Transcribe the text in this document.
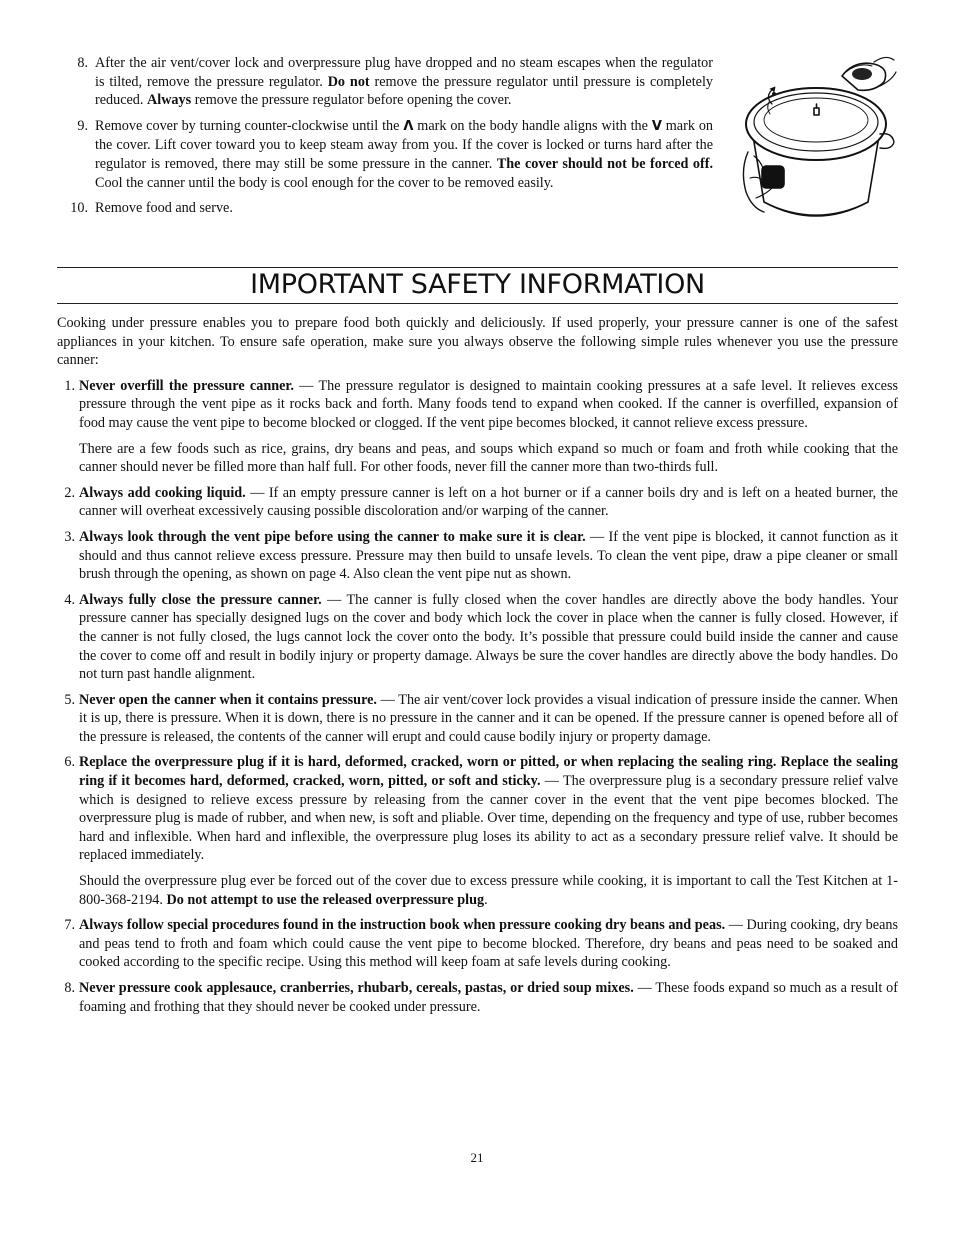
8. After the air vent/cover lock and overpressure plug have dropped and no steam escapes when the regulator is tilted, remove the pressure regulator. Do not remove the pressure regulator until pressure is completely reduced. Always remove the pressure regulator before opening the cover.
9. Remove cover by turning counter-clockwise until the Λ mark on the body handle aligns with the V mark on the cover. Lift cover toward you to keep steam away from you. If the cover is locked or turns hard after the regulator is removed, there may still be some pressure in the canner. The cover should not be forced off. Cool the canner until the body is cool enough for the cover to be removed easily.
10. Remove food and serve.
IMPORTANT SAFETY INFORMATION

Cooking under pressure enables you to prepare food both quickly and deliciously. If used properly, your pressure canner is one of the safest appliances in your kitchen. To ensure safe operation, make sure you always observe the following simple rules whenever you use the pressure canner:

1. Never overfill the pressure canner. — The pressure regulator is designed to maintain cooking pressures at a safe level. It relieves excess pressure through the vent pipe as it rocks back and forth. Many foods tend to expand when cooked. If the canner is overfilled, expansion of food may cause the vent pipe to become blocked or clogged. If the vent pipe becomes blocked, it cannot relieve excess pressure.

There are a few foods such as rice, grains, dry beans and peas, and soups which expand so much or foam and froth while cooking that the canner should never be filled more than half full. For other foods, never fill the canner more than two-thirds full.

2. Always add cooking liquid. — If an empty pressure canner is left on a hot burner or if a canner boils dry and is left on a heated burner, the canner will overheat excessively causing possible discoloration and/or warping of the canner.

3. Always look through the vent pipe before using the canner to make sure it is clear. — If the vent pipe is blocked, it cannot function as it should and thus cannot relieve excess pressure. Pressure may then build to unsafe levels. To clean the vent pipe, draw a pipe cleaner or small brush through the opening, as shown on page 4. Also clean the vent pipe nut as shown.

4. Always fully close the pressure canner. — The canner is fully closed when the cover handles are directly above the body handles. Your pressure canner has specially designed lugs on the cover and body which lock the cover in place when the canner is fully closed. However, if the canner is not fully closed, the lugs cannot lock the cover onto the body. It’s possible that pressure could build inside the canner and cause the cover to come off and result in bodily injury or property damage. Always be sure the cover handles are directly above the body handles. Do not turn past handle alignment.

5. Never open the canner when it contains pressure. — The air vent/cover lock provides a visual indication of pressure inside the canner. When it is up, there is pressure. When it is down, there is no pressure in the canner and it can be opened. If the pressure canner is opened before all of the pressure is released, the contents of the canner will erupt and could cause bodily injury or property damage.

6. Replace the overpressure plug if it is hard, deformed, cracked, worn or pitted, or when replacing the sealing ring. Replace the sealing ring if it becomes hard, deformed, cracked, worn, pitted, or soft and sticky. — The overpressure plug is a secondary pressure relief valve which is designed to relieve excess pressure by releasing from the canner cover in the event that the vent pipe becomes blocked. The overpressure plug is made of rubber, and when new, is soft and pliable. Over time, depending on the frequency and type of use, rubber becomes hard and inflexible. When hard and inflexible, the overpressure plug loses its ability to act as a secondary pressure relief valve. It should be replaced immediately.

Should the overpressure plug ever be forced out of the cover due to excess pressure while cooking, it is important to call the Test Kitchen at 1-800-368-2194. Do not attempt to use the released overpressure plug.

7. Always follow special procedures found in the instruction book when pressure cooking dry beans and peas. — During cooking, dry beans and peas tend to froth and foam which could cause the vent pipe to become blocked. Therefore, dry beans and peas need to be soaked and cooked according to the specific recipe. Using this method will keep foam at safe levels during cooking.

8. Never pressure cook applesauce, cranberries, rhubarb, cereals, pastas, or dried soup mixes. — These foods expand so much as a result of foaming and frothing that they should never be cooked under pressure.

21
